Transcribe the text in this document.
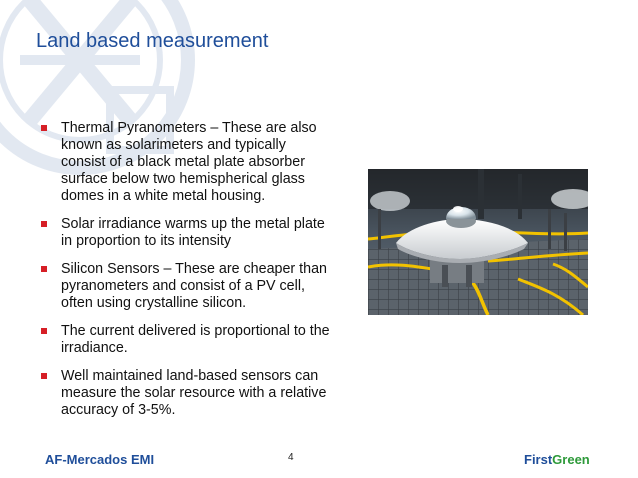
Land based measurement
Thermal Pyranometers – These are also known as solarimeters and typically consist of a black metal plate absorber surface below two hemispherical glass domes in a white metal housing.
Solar irradiance warms up the metal plate in proportion to its intensity
Silicon Sensors – These are cheaper than pyranometers and consist of a PV cell, often using crystalline silicon.
The current delivered is proportional to the irradiance.
Well maintained land-based sensors can measure the solar resource with a relative accuracy of 3-5%.
AF-Mercados EMI	4	FirstGreen
